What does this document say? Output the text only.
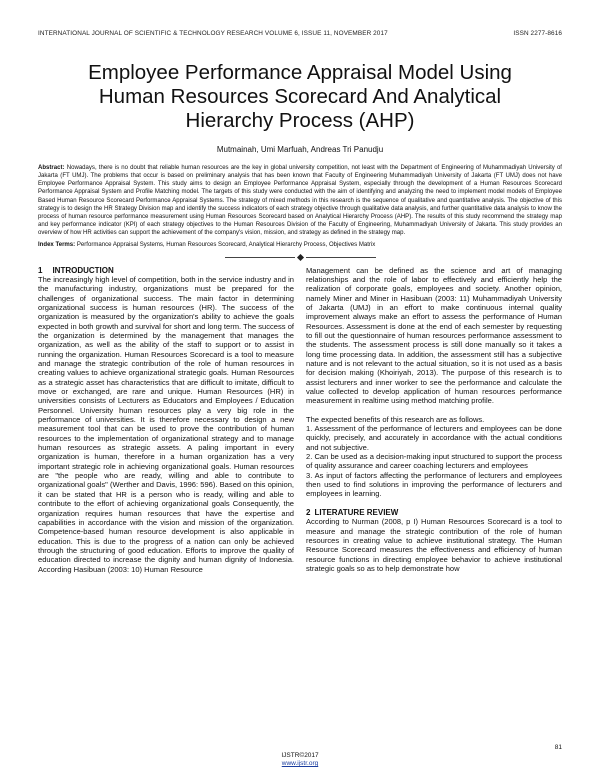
INTERNATIONAL JOURNAL OF SCIENTIFIC & TECHNOLOGY RESEARCH VOLUME 6, ISSUE 11, NOVEMBER 2017	ISSN 2277-8616
Employee Performance Appraisal Model Using Human Resources Scorecard And Analytical Hierarchy Process (AHP)
Mutmainah, Umi Marfuah, Andreas Tri Panudju
Abstract: Nowadays, there is no doubt that reliable human resources are the key in global university competition, not least with the Department of Engineering of Muhammadiyah University of Jakarta (FT UMJ). The problems that occur is based on preliminary analysis that has been known that Faculty of Engineering Muhammadiyah University of Jakarta (FT UMJ) does not have Employee Performance Appraisal System. This study aims to design an Employee Performance Appraisal System, especially through the development of a Human Resources Scorecard Performance Appraisal System and Profile Matching model. The targets of this study were conducted with the aim of identifying and analyzing the need to implement model models of Employee Based Human Resource Scorecard Performance Appraisal Systems. The strategy of mixed methods in this research is the sequence of qualitative and quantitative analysis. The objective of this strategy is to design the HR Strategy Division map and identify the success indicators of each strategy objective through qualitative data analysis, and further quantitative data analysis to know the process of human resource performance measurement using Human Resources Scorecard based on Analytical Hierarchy Process (AHP). The results of this study recommend the strategy map and key performance indicator (KPI) of each strategy objectives to the Human Resources Division of the Faculty of Engineering, Muhammadiyah University of Jakarta. This study provides an overview of how HR activities can support the achievement of the company's vision, mission, and strategy as defined in the strategy map.
Index Terms: Performance Appraisal Systems, Human Resources Scorecard, Analytical Hierarchy Process, Objectives Matrix
1 INTRODUCTION

The increasingly high level of competition, both in the service industry and in the manufacturing industry, organizations must be prepared for the challenges of organizational success. The main factor in determining organizational success is human resources (HR). The success of the organization is measured by the organization's ability to achieve the goals expected in both growth and survival for short and long term. The success of the organization is determined by the management that manages the organization, as well as the ability of the staff to support or to assist in running the organization. Human Resources Scorecard is a tool to measure and manage the strategic contribution of the role of human resources in creating values to achieve organizational strategic goals. Human Resources as a strategic asset has characteristics that are difficult to imitate, difficult to move or exchanged, are rare and unique. Human Resources (HR) in universities consists of Lecturers as Educators and Employees / Education Personnel. University human resources play a very big role in the performance of universities. It is therefore necessary to design a new measurement tool that can be used to prove the contribution of human resources to the implementation of organizational strategy and to manage human resources as strategic assets. A paling important in every organization is human, therefore in a human organization has a very important strategic role in achieving organizational goals. Human resources are "the people who are ready, willing and able to contribute to organizational goals" (Werther and Davis, 1996: 596). Based on this opinion, it can be stated that HR is a person who is ready, willing and able to contribute to the effort of achieving organizational goals Consequently, the organization requires human resources that have the expertise and capabilities in accordance with the vision and mission of the organization. Competence-based human resource development is also applicable in education. This is due to the progress of a nation can only be achieved through the structuring of good education. Efforts to improve the quality of education directed to increase the dignity and human dignity of Indonesia. According Hasibuan (2003: 10) Human Resource

Management can be defined as the science and art of managing relationships and the role of labor to effectively and efficiently help the realization of corporate goals, employees and society. Another opinion, namely Miner and Miner in Hasibuan (2003: 11) Muhammadiyah University of Jakarta (UMJ) in an effort to make continuous internal quality improvement always make an effort to assess the performance of Human Resources. Assessment is done at the end of each semester by requesting to fill out the questionnaire of human resources performance assessment to the students. The assessment process is still done manually so it takes a long time processing data. In addition, the assessment still has a subjective nature and is not relevant to the actual situation, so it is not used as a basis for decision making (Khoiriyah, 2013). The purpose of this research is to assist lecturers and inner worker to see the performance and calculate the value collected to develop application of human resources performance measurement in realtime using method matching profile.

The expected benefits of this research are as follows.

1. Assessment of the performance of lecturers and employees can be done quickly, precisely, and accurately in accordance with the actual conditions and not subjective.

2. Can be used as a decision-making input structured to support the process of quality assurance and career coaching lecturers and employees

3. As input of factors affecting the performance of lecturers and employees then used to find solutions in improving the performance of lecturers and employees in learning.

2 LITERATURE REVIEW

According to Nurman (2008, p I) Human Resources Scorecard is a tool to measure and manage the strategic contribution of the role of human resources in creating value to achieve institutional strategy. The Human Resource Scorecard measures the effectiveness and efficiency of human resource functions in directing employee behavior to achieve institutional strategic goals so as to help demonstrate how

81
IJSTR©2017
www.ijstr.org
